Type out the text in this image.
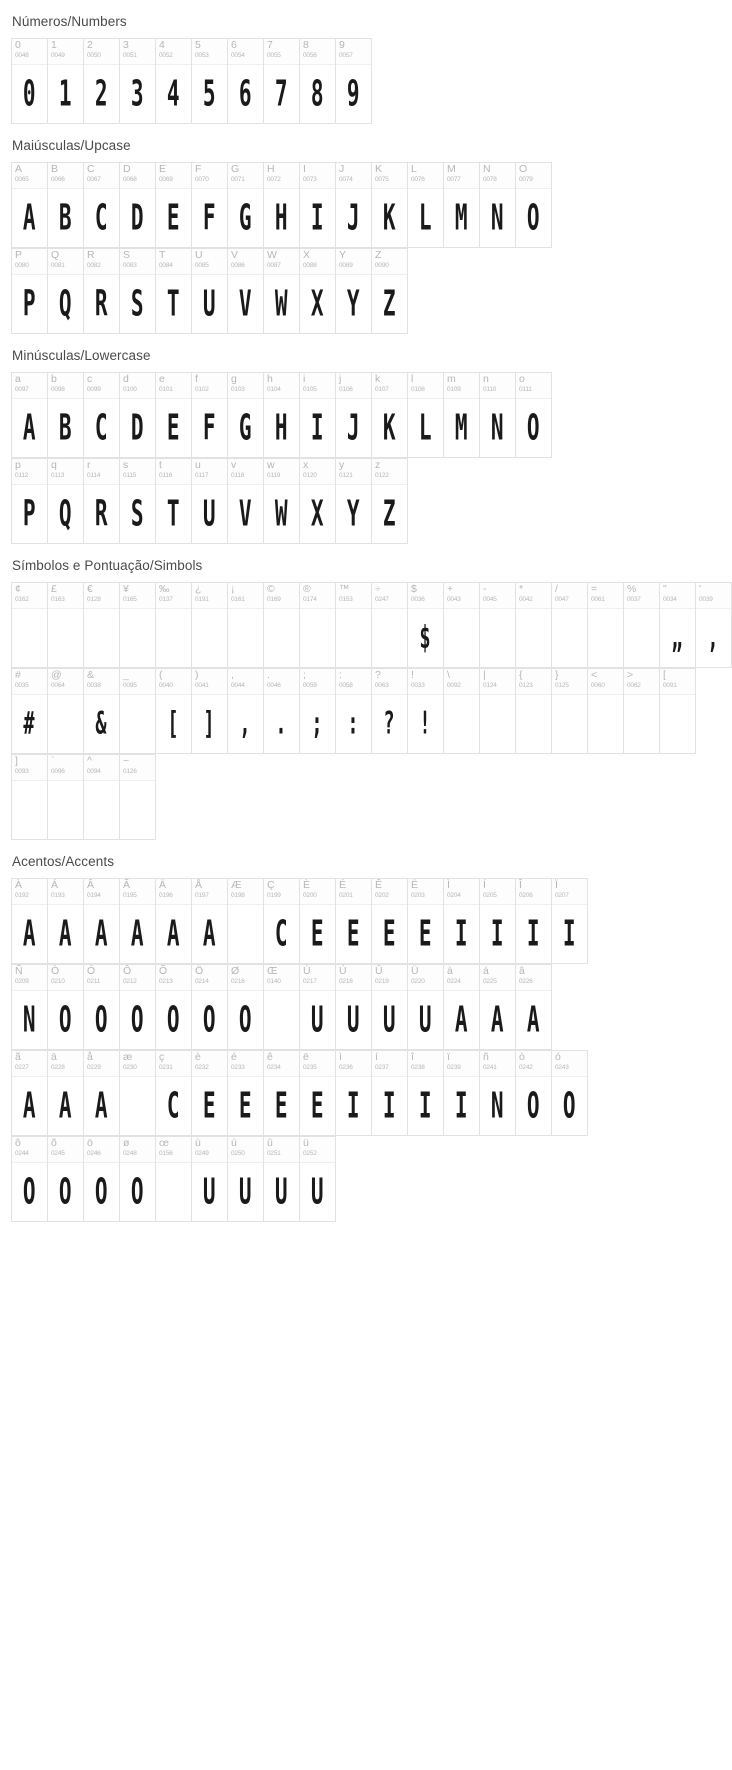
Números/Numbers
0
0048
0
1
0049
1
2
0050
2
3
0051
3
4
0052
4
5
0053
5
6
0054
6
7
0055
7
8
0056
8
9
0057
9
Maiúsculas/Upcase
A
0065
A
B
0066
B
C
0067
C
D
0068
D
E
0069
E
F
0070
F
G
0071
G
H
0072
H
I
0073
I
J
0074
J
K
0075
K
L
0076
L
M
0077
M
N
0078
N
O
0079
O
P
0080
P
Q
0081
Q
R
0082
R
S
0083
S
T
0084
T
U
0085
U
V
0086
V
W
0087
W
X
0088
X
Y
0089
Y
Z
0090
Z
Minúsculas/Lowercase
a
0097
A
b
0098
B
c
0099
C
d
0100
D
e
0101
E
f
0102
F
g
0103
G
h
0104
H
i
0105
I
j
0106
J
k
0107
K
l
0108
L
m
0109
M
n
0110
N
o
0111
O
p
0112
P
q
0113
Q
r
0114
R
s
0115
S
t
0116
T
u
0117
U
v
0118
V
w
0119
W
x
0120
X
y
0121
Y
z
0122
Z
Símbolos e Pontuação/Simbols
¢
0162
£
0163
€
0128
¥
0165
‰
0137
¿
0191
¡
0161
©
0169
®
0174
™
0153
÷
0247
$
0036
$
+
0043
-
0045
*
0042
/
0047
=
0061
%
0037
"
0034
„
'
0039
‚
#
0035
#
@
0064
&
0038
&
_
0095
(
0040
[
)
0041
]
,
0044
,
.
0046
.
;
0059
;
:
0058
:
?
0063
?
!
0033
!
\
0092
|
0124
{
0123
}
0125
<
0060
>
0062
[
0091
]
0093
`
0096
^
0094
~
0126
Acentos/Accents
À
0192
A
Á
0193
A
Â
0194
A
Ã
0195
A
Ä
0196
A
Å
0197
A
Æ
0198
Ç
0199
C
È
0200
E
É
0201
E
Ê
0202
E
Ë
0203
E
Ì
0204
I
Í
0205
I
Î
0206
I
Ï
0207
I
Ñ
0209
N
Ò
0210
O
Ó
0211
O
Ô
0212
O
Õ
0213
O
Ö
0214
O
Ø
0216
O
Œ
0140
Ù
0217
U
Ú
0218
U
Û
0219
U
Ü
0220
U
à
0224
A
á
0225
A
â
0226
A
ã
0227
A
ä
0228
A
å
0229
A
æ
0230
ç
0231
C
è
0232
E
é
0233
E
ê
0234
E
ë
0235
E
ì
0236
I
í
0237
I
î
0238
I
ï
0239
I
ñ
0241
N
ò
0242
O
ó
0243
O
ô
0244
O
õ
0245
O
ö
0246
O
ø
0248
O
œ
0156
ù
0249
U
ú
0250
U
û
0251
U
ü
0252
U
